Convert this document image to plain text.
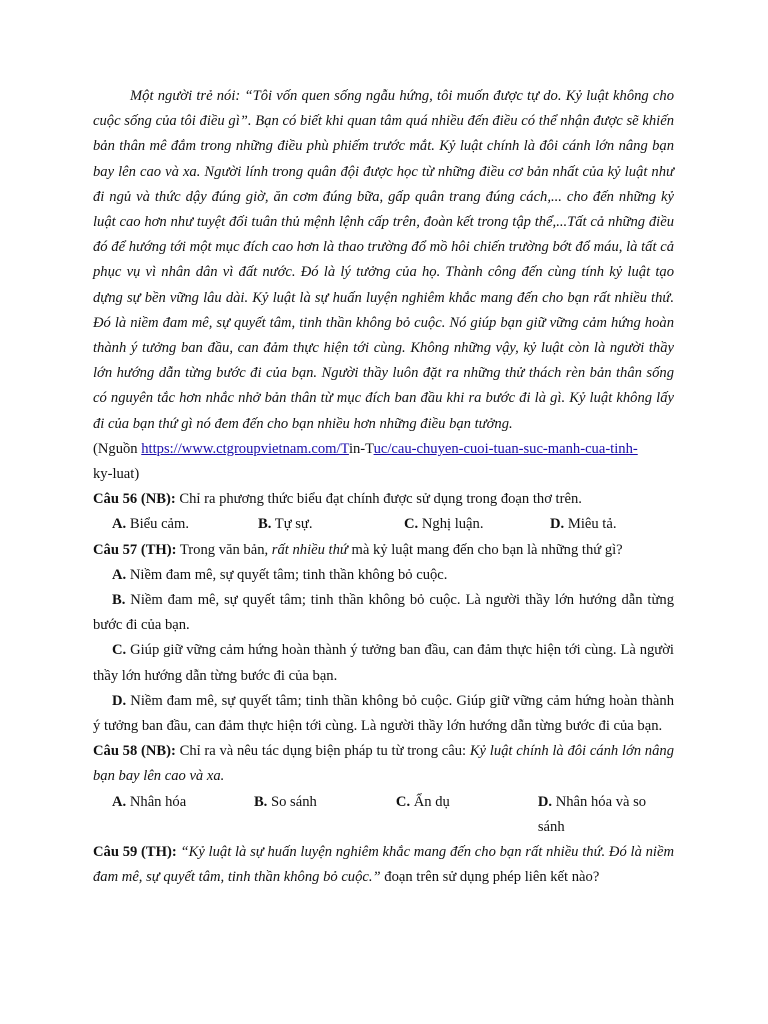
Một người trẻ nói: “Tôi vốn quen sống ngẫu hứng, tôi muốn được tự do. Kỷ luật không cho cuộc sống của tôi điều gì”. Bạn có biết khi quan tâm quá nhiều đến điều có thể nhận được sẽ khiến bản thân mê đắm trong những điều phù phiếm trước mắt. Kỷ luật chính là đôi cánh lớn nâng bạn bay lên cao và xa. Người lính trong quân đội được học từ những điều cơ bản nhất của kỷ luật như đi ngủ và thức dậy đúng giờ, ăn cơm đúng bữa, gấp quân trang đúng cách,... cho đến những kỷ luật cao hơn như tuyệt đối tuân thủ mệnh lệnh cấp trên, đoàn kết trong tập thể,...Tất cả những điều đó để hướng tới một mục đích cao hơn là thao trường đổ mồ hôi chiến trường bớt đổ máu, là tất cả phục vụ vì nhân dân vì đất nước. Đó là lý tưởng của họ. Thành công đến cùng tính kỷ luật tạo dựng sự bền vững lâu dài. Kỷ luật là sự huấn luyện nghiêm khắc mang đến cho bạn rất nhiều thứ. Đó là niềm đam mê, sự quyết tâm, tinh thần không bỏ cuộc. Nó giúp bạn giữ vững cảm hứng hoàn thành ý tưởng ban đầu, can đảm thực hiện tới cùng. Không những vậy, kỷ luật còn là người thầy lớn hướng dẫn từng bước đi của bạn. Người thầy luôn đặt ra những thử thách rèn bản thân sống có nguyên tắc hơn nhắc nhở bản thân từ mục đích ban đầu khi ra bước đi là gì. Kỷ luật không lấy đi của bạn thứ gì nó đem đến cho bạn nhiều hơn những điều bạn tưởng.

(Nguồn https://www.ctgroupvietnam.com/Tin-Tuc/cau-chuyen-cuoi-tuan-suc-manh-cua-tinh-
ky-luat)

Câu 56 (NB): Chỉ ra phương thức biểu đạt chính được sử dụng trong đoạn thơ trên.

A. Biểu cảm.	B. Tự sự.	C. Nghị luận.	D. Miêu tả.

Câu 57 (TH): Trong văn bản, rất nhiều thứ mà kỷ luật mang đến cho bạn là những thứ gì?

A. Niềm đam mê, sự quyết tâm; tinh thần không bỏ cuộc.

B. Niềm đam mê, sự quyết tâm; tinh thần không bỏ cuộc. Là người thầy lớn hướng dẫn từng bước đi của bạn.

C. Giúp giữ vững cảm hứng hoàn thành ý tưởng ban đầu, can đảm thực hiện tới cùng. Là người thầy lớn hướng dẫn từng bước đi của bạn.

D. Niềm đam mê, sự quyết tâm; tinh thần không bỏ cuộc. Giúp giữ vững cảm hứng hoàn thành ý tưởng ban đầu, can đảm thực hiện tới cùng. Là người thầy lớn hướng dẫn từng bước đi của bạn.

Câu 58 (NB): Chỉ ra và nêu tác dụng biện pháp tu từ trong câu: Kỷ luật chính là đôi cánh lớn nâng bạn bay lên cao và xa.

A. Nhân hóa	B. So sánh	C. Ẩn dụ	D. Nhân hóa và so sánh

Câu 59 (TH): “Kỷ luật là sự huấn luyện nghiêm khắc mang đến cho bạn rất nhiều thứ. Đó là niềm đam mê, sự quyết tâm, tinh thần không bỏ cuộc.” đoạn trên sử dụng phép liên kết nào?
